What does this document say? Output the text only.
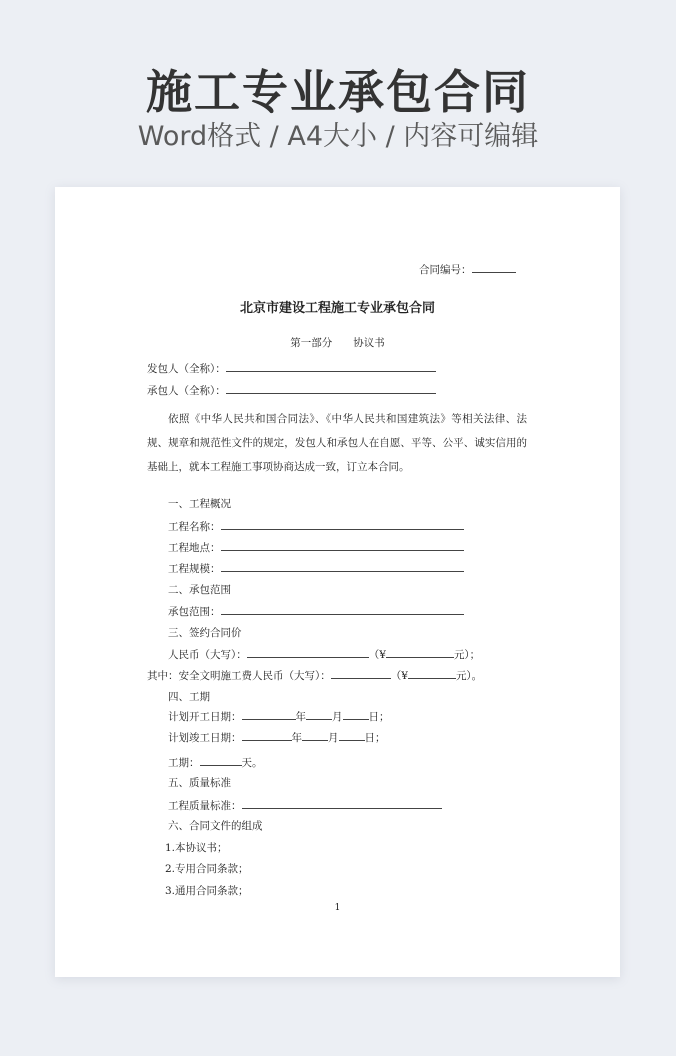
施工专业承包合同
Word格式 / A4大小 / 内容可编辑
合同编号：
北京市建设工程施工专业承包合同
第一部分　　协议书
发包人（全称）：
承包人（全称）：
依照《中华人民共和国合同法》、《中华人民共和国建筑法》等相关法律、法规、规章和规范性文件的规定，发包人和承包人在自愿、平等、公平、诚实信用的基础上，就本工程施工事项协商达成一致，订立本合同。
一、工程概况
工程名称：
工程地点：
工程规模：
二、承包范围
承包范围：
三、签约合同价
人民币（大写）：	（¥	元）；
其中：安全文明施工费人民币（大写）：	（¥	元）。
四、工期
计划开工日期：	年 月 日；
计划竣工日期：	年 月 日；
工期：	天。
五、质量标准
工程质量标准：
六、合同文件的组成
1.本协议书；
2.专用合同条款；
3.通用合同条款；
1
